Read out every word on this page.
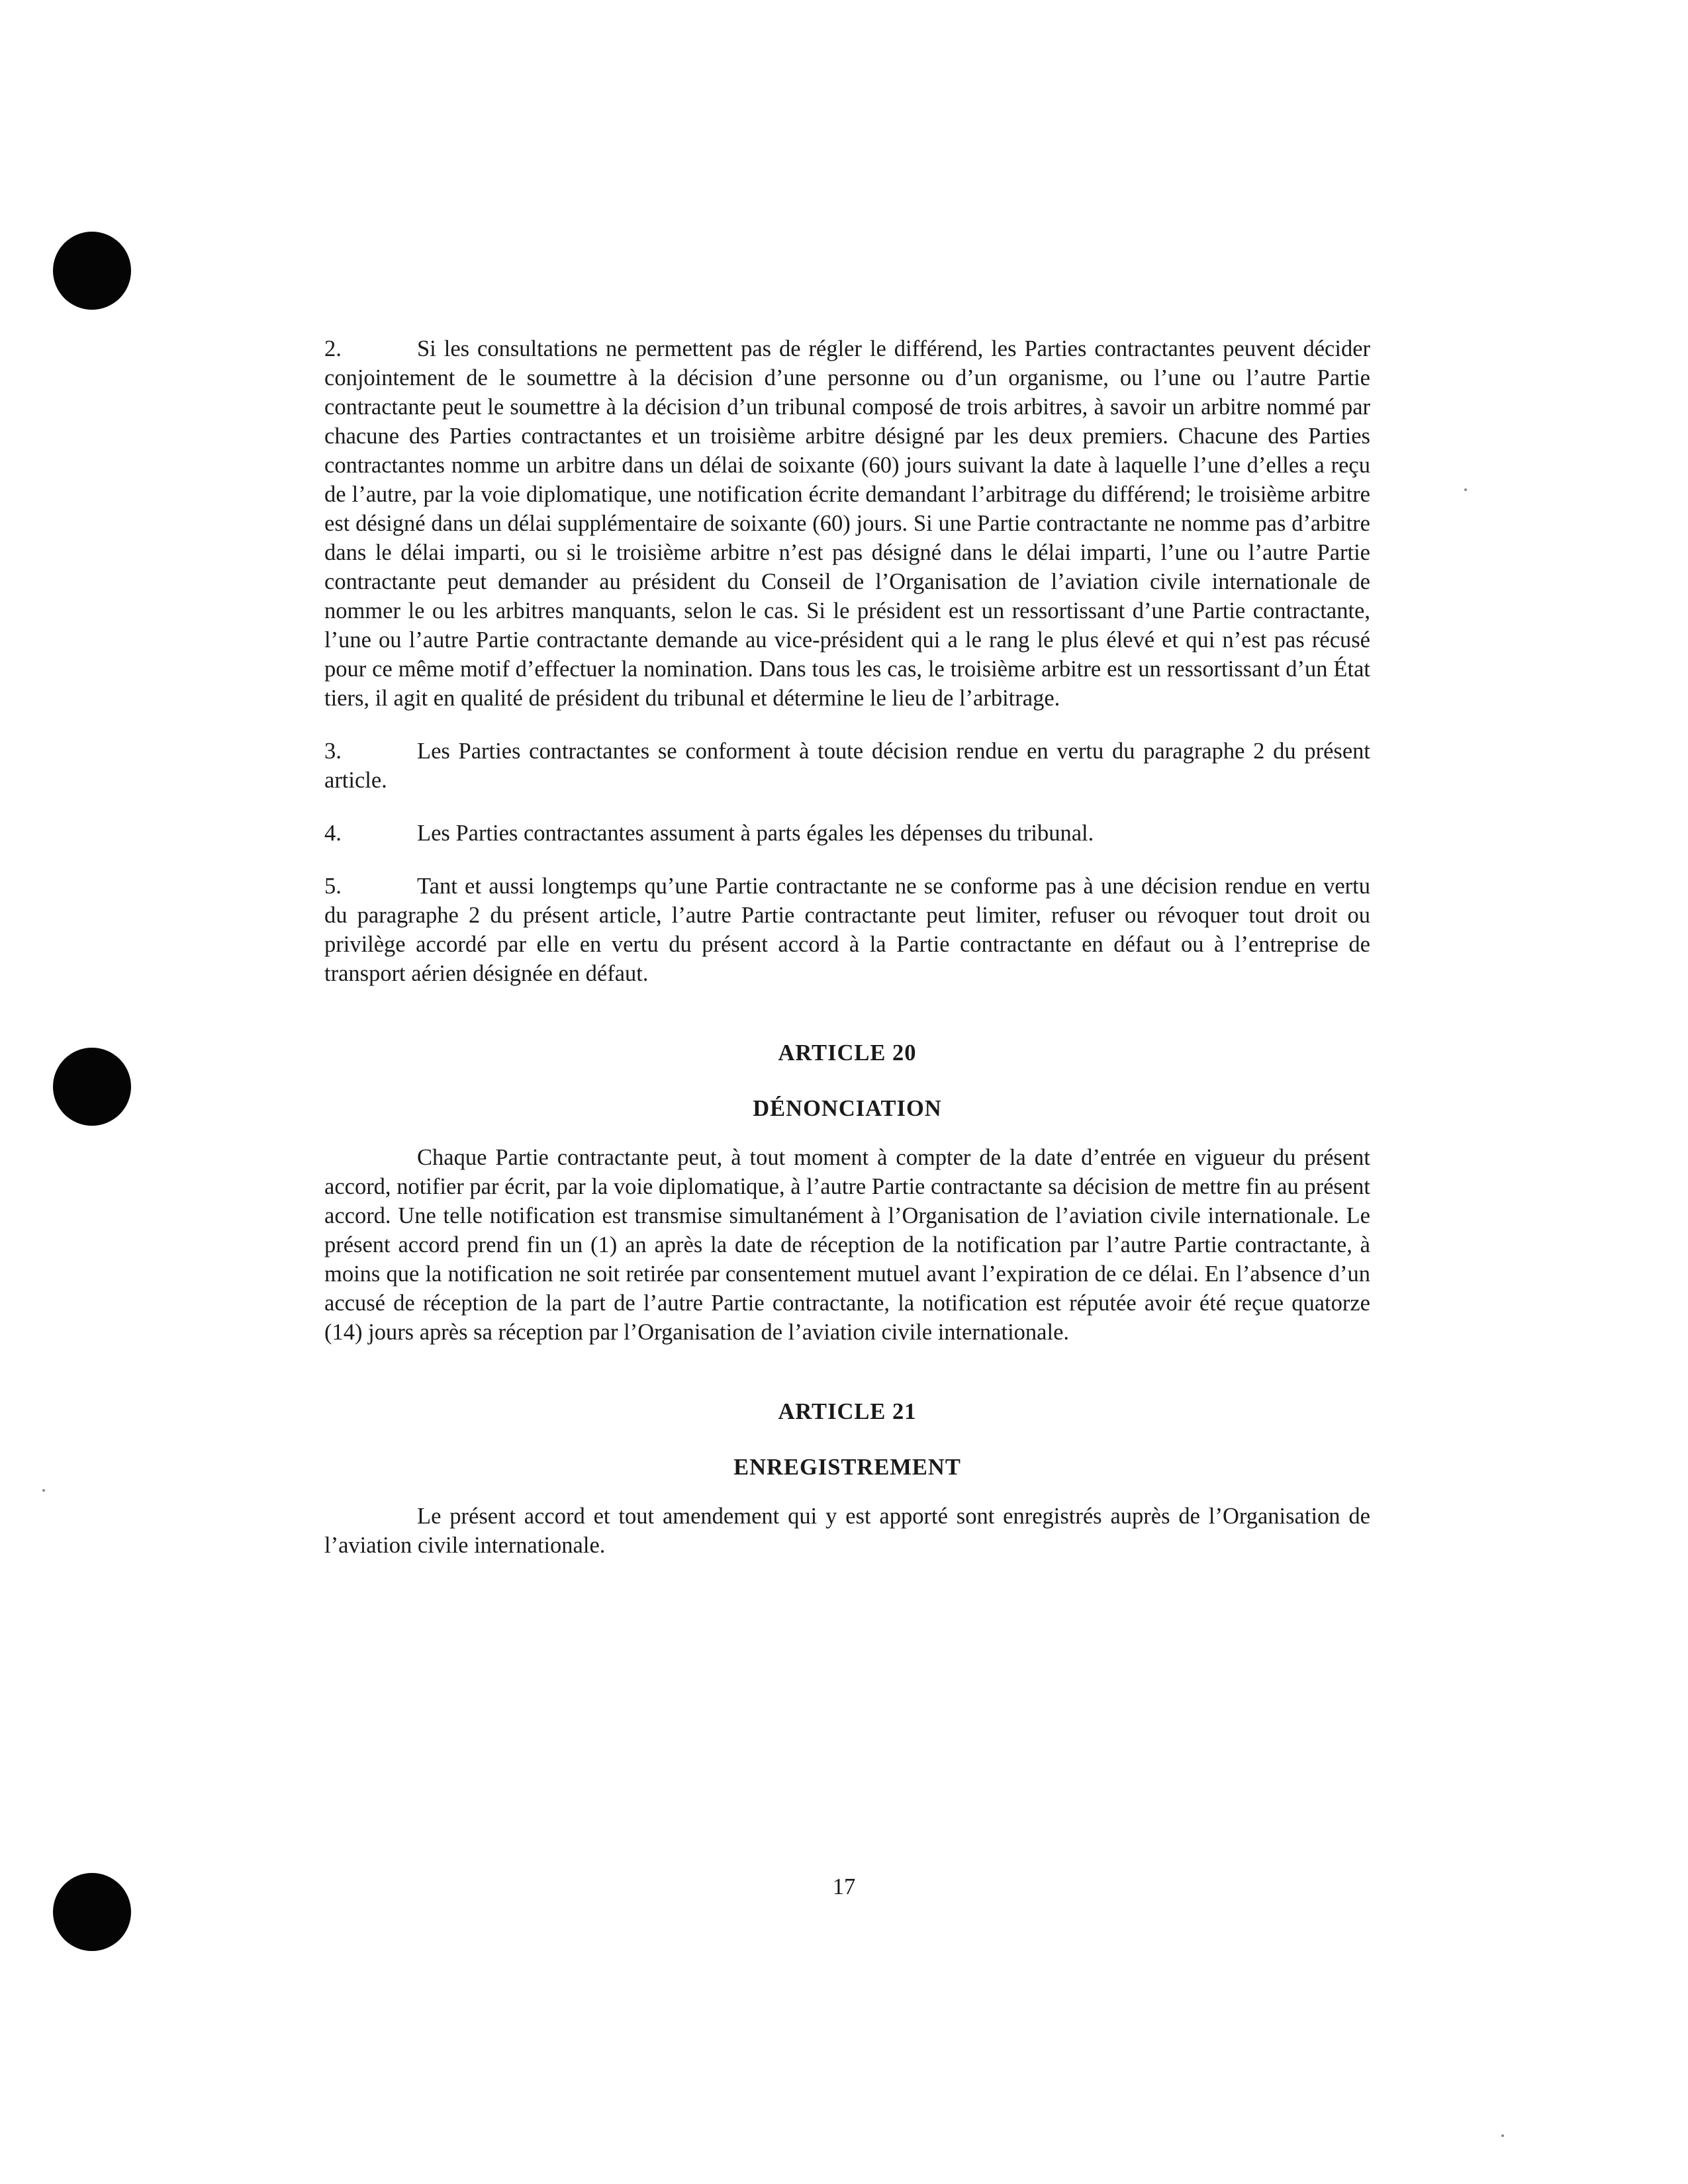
2.	Si les consultations ne permettent pas de régler le différend, les Parties contractantes peuvent décider conjointement de le soumettre à la décision d’une personne ou d’un organisme, ou l’une ou l’autre Partie contractante peut le soumettre à la décision d’un tribunal composé de trois arbitres, à savoir un arbitre nommé par chacune des Parties contractantes et un troisième arbitre désigné par les deux premiers. Chacune des Parties contractantes nomme un arbitre dans un délai de soixante (60) jours suivant la date à laquelle l’une d’elles a reçu de l’autre, par la voie diplomatique, une notification écrite demandant l’arbitrage du différend; le troisième arbitre est désigné dans un délai supplémentaire de soixante (60) jours. Si une Partie contractante ne nomme pas d’arbitre dans le délai imparti, ou si le troisième arbitre n’est pas désigné dans le délai imparti, l’une ou l’autre Partie contractante peut demander au président du Conseil de l’Organisation de l’aviation civile internationale de nommer le ou les arbitres manquants, selon le cas. Si le président est un ressortissant d’une Partie contractante, l’une ou l’autre Partie contractante demande au vice-président qui a le rang le plus élevé et qui n’est pas récusé pour ce même motif d’effectuer la nomination. Dans tous les cas, le troisième arbitre est un ressortissant d’un État tiers, il agit en qualité de président du tribunal et détermine le lieu de l’arbitrage.

3.	Les Parties contractantes se conforment à toute décision rendue en vertu du paragraphe 2 du présent article.

4.	Les Parties contractantes assument à parts égales les dépenses du tribunal.

5.	Tant et aussi longtemps qu’une Partie contractante ne se conforme pas à une décision rendue en vertu du paragraphe 2 du présent article, l’autre Partie contractante peut limiter, refuser ou révoquer tout droit ou privilège accordé par elle en vertu du présent accord à la Partie contractante en défaut ou à l’entreprise de transport aérien désignée en défaut.

ARTICLE 20

DÉNONCIATION

Chaque Partie contractante peut, à tout moment à compter de la date d’entrée en vigueur du présent accord, notifier par écrit, par la voie diplomatique, à l’autre Partie contractante sa décision de mettre fin au présent accord. Une telle notification est transmise simultanément à l’Organisation de l’aviation civile internationale. Le présent accord prend fin un (1) an après la date de réception de la notification par l’autre Partie contractante, à moins que la notification ne soit retirée par consentement mutuel avant l’expiration de ce délai. En l’absence d’un accusé de réception de la part de l’autre Partie contractante, la notification est réputée avoir été reçue quatorze (14) jours après sa réception par l’Organisation de l’aviation civile internationale.

ARTICLE 21

ENREGISTREMENT

Le présent accord et tout amendement qui y est apporté sont enregistrés auprès de l’Organisation de l’aviation civile internationale.

17
